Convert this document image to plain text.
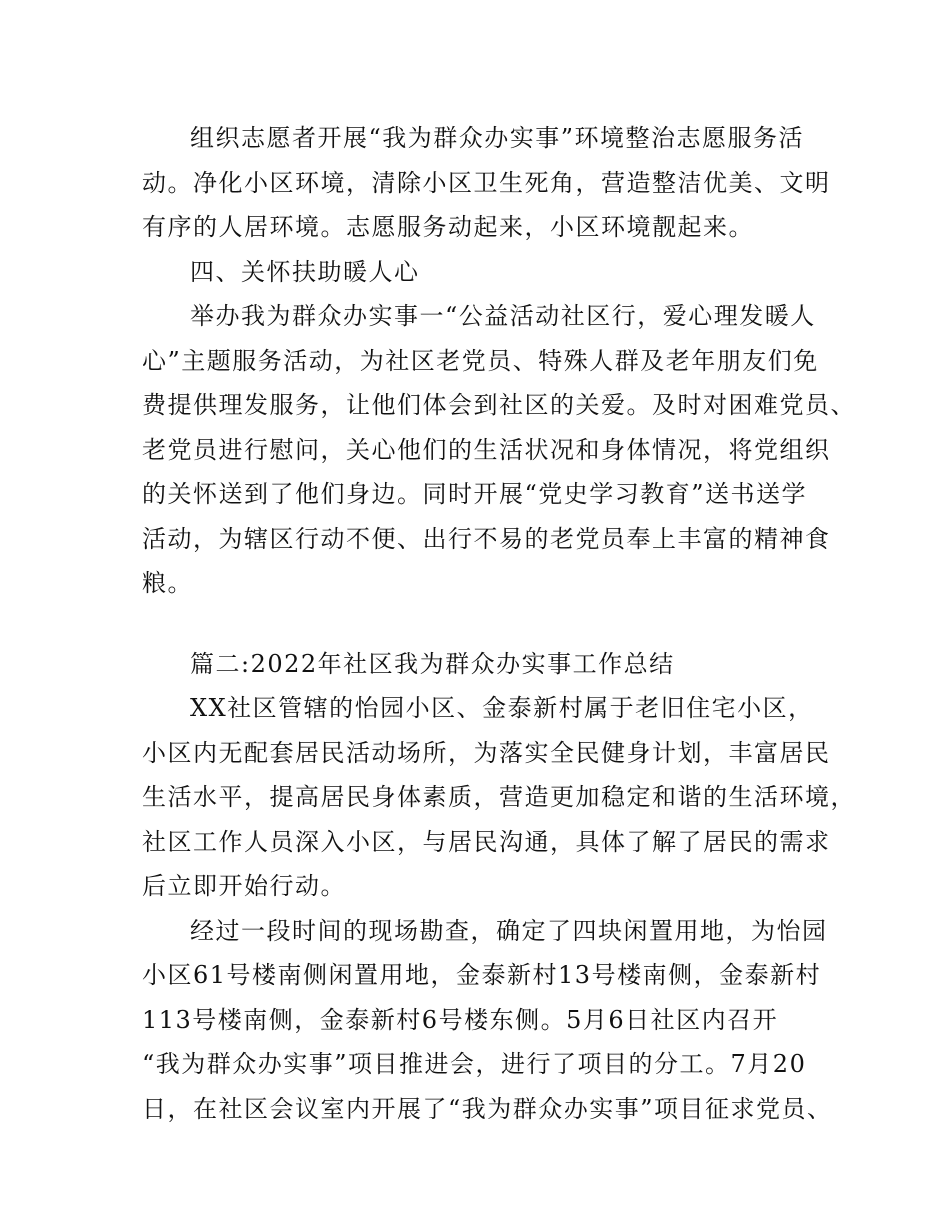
组织志愿者开展“我为群众办实事”环境整治志愿服务活
动。净化小区环境，清除小区卫生死角，营造整洁优美、文明
有序的人居环境。志愿服务动起来，小区环境靓起来。
四、关怀扶助暖人心
举办我为群众办实事一“公益活动社区行，爱心理发暖人
心”主题服务活动，为社区老党员、特殊人群及老年朋友们免
费提供理发服务，让他们体会到社区的关爱。及时对困难党员、
老党员进行慰问，关心他们的生活状况和身体情况，将党组织
的关怀送到了他们身边。同时开展“党史学习教育”送书送学
活动，为辖区行动不便、出行不易的老党员奉上丰富的精神食
粮。
篇二:2022年社区我为群众办实事工作总结
XX社区管辖的怡园小区、金泰新村属于老旧住宅小区，
小区内无配套居民活动场所，为落实全民健身计划，丰富居民
生活水平，提高居民身体素质，营造更加稳定和谐的生活环境，
社区工作人员深入小区，与居民沟通，具体了解了居民的需求
后立即开始行动。
经过一段时间的现场勘查，确定了四块闲置用地，为怡园
小区61号楼南侧闲置用地，金泰新村13号楼南侧，金泰新村
113号楼南侧，金泰新村6号楼东侧。5月6日社区内召开
“我为群众办实事”项目推进会，进行了项目的分工。7月20
日，在社区会议室内开展了“我为群众办实事”项目征求党员、
